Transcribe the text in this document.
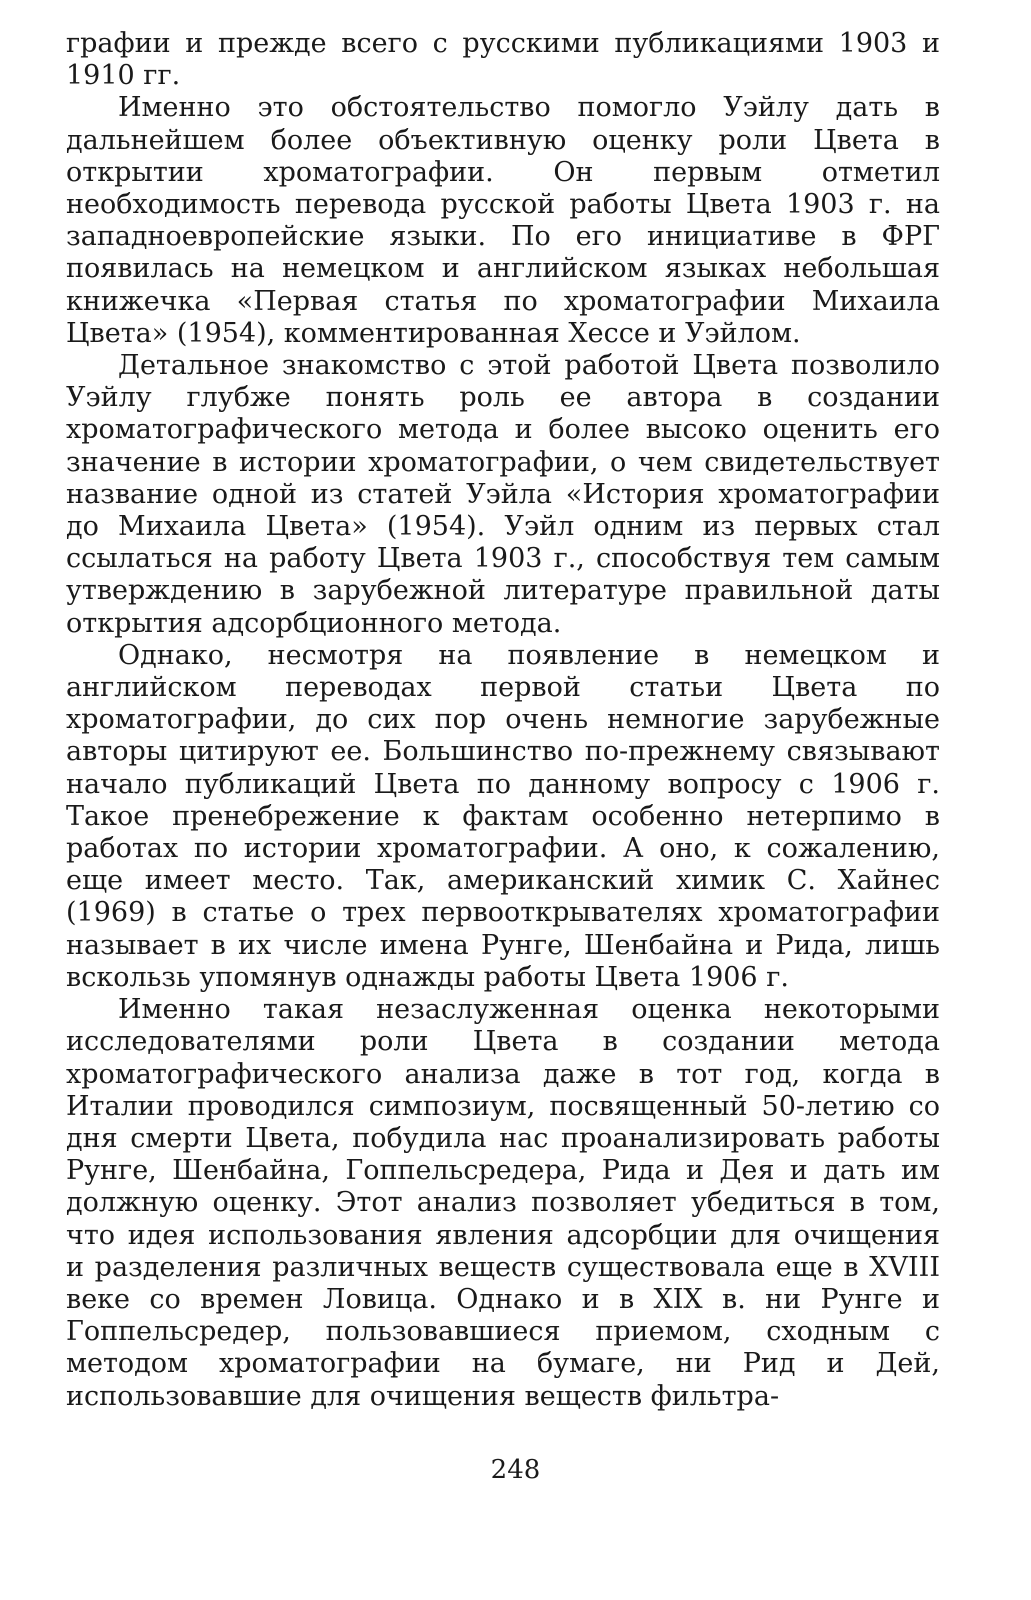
графии и прежде всего с русскими публикациями 1903 и 1910 гг.

Именно это обстоятельство помогло Уэйлу дать в дальнейшем более объективную оценку роли Цвета в открытии хроматографии. Он первым отметил необходимость перевода русской работы Цвета 1903 г. на западноевропейские языки. По его инициативе в ФРГ появилась на немецком и английском языках небольшая книжечка «Первая статья по хроматографии Михаила Цвета» (1954), комментированная Хессе и Уэйлом.

Детальное знакомство с этой работой Цвета позволило Уэйлу глубже понять роль ее автора в создании хроматографического метода и более высоко оценить его значение в истории хроматографии, о чем свидетельствует название одной из статей Уэйла «История хроматографии до Михаила Цвета» (1954). Уэйл одним из первых стал ссылаться на работу Цвета 1903 г., способствуя тем самым утверждению в зарубежной литературе правильной даты открытия адсорбционного метода.

Однако, несмотря на появление в немецком и английском переводах первой статьи Цвета по хроматографии, до сих пор очень немногие зарубежные авторы цитируют ее. Большинство по-прежнему связывают начало публикаций Цвета по данному вопросу с 1906 г. Такое пренебрежение к фактам особенно нетерпимо в работах по истории хроматографии. А оно, к сожалению, еще имеет место. Так, американский химик С. Хайнес (1969) в статье о трех первооткрывателях хроматографии называет в их числе имена Рунге, Шенбайна и Рида, лишь вскользь упомянув однажды работы Цвета 1906 г.

Именно такая незаслуженная оценка некоторыми исследователями роли Цвета в создании метода хроматографического анализа даже в тот год, когда в Италии проводился симпозиум, посвященный 50-летию со дня смерти Цвета, побудила нас проанализировать работы Рунге, Шенбайна, Гоппельсредера, Рида и Дея и дать им должную оценку. Этот анализ позволяет убедиться в том, что идея использования явления адсорбции для очищения и разделения различных веществ существовала еще в XVIII веке со времен Ловица. Однако и в XIX в. ни Рунге и Гоппельсредер, пользовавшиеся приемом, сходным с методом хроматографии на бумаге, ни Рид и Дей, использовавшие для очищения веществ фильтра-

248
